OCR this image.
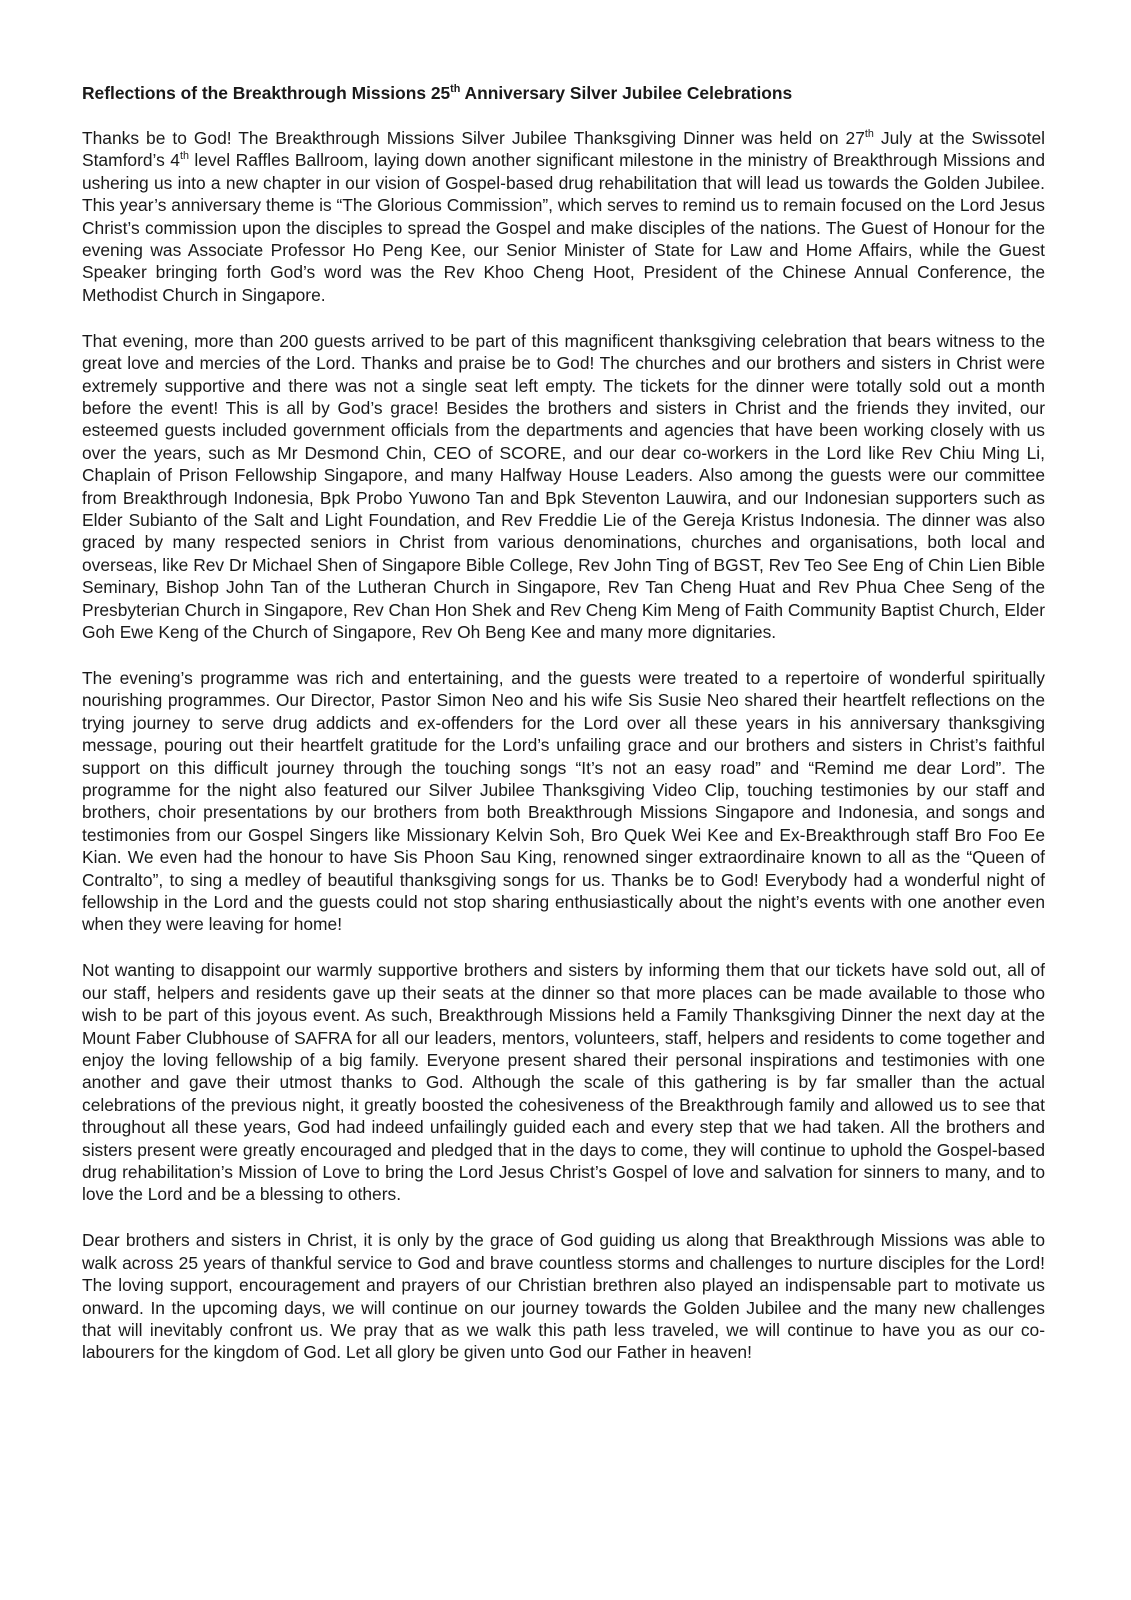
Reflections of the Breakthrough Missions 25th Anniversary Silver Jubilee Celebrations

Thanks be to God! The Breakthrough Missions Silver Jubilee Thanksgiving Dinner was held on 27th July at the Swissotel Stamford’s 4th level Raffles Ballroom, laying down another significant milestone in the ministry of Breakthrough Missions and ushering us into a new chapter in our vision of Gospel-based drug rehabilitation that will lead us towards the Golden Jubilee. This year’s anniversary theme is “The Glorious Commission”, which serves to remind us to remain focused on the Lord Jesus Christ’s commission upon the disciples to spread the Gospel and make disciples of the nations. The Guest of Honour for the evening was Associate Professor Ho Peng Kee, our Senior Minister of State for Law and Home Affairs, while the Guest Speaker bringing forth God’s word was the Rev Khoo Cheng Hoot, President of the Chinese Annual Conference, the Methodist Church in Singapore.

That evening, more than 200 guests arrived to be part of this magnificent thanksgiving celebration that bears witness to the great love and mercies of the Lord. Thanks and praise be to God! The churches and our brothers and sisters in Christ were extremely supportive and there was not a single seat left empty. The tickets for the dinner were totally sold out a month before the event! This is all by God’s grace! Besides the brothers and sisters in Christ and the friends they invited, our esteemed guests included government officials from the departments and agencies that have been working closely with us over the years, such as Mr Desmond Chin, CEO of SCORE, and our dear co-workers in the Lord like Rev Chiu Ming Li, Chaplain of Prison Fellowship Singapore, and many Halfway House Leaders. Also among the guests were our committee from Breakthrough Indonesia, Bpk Probo Yuwono Tan and Bpk Steventon Lauwira, and our Indonesian supporters such as Elder Subianto of the Salt and Light Foundation, and Rev Freddie Lie of the Gereja Kristus Indonesia. The dinner was also graced by many respected seniors in Christ from various denominations, churches and organisations, both local and overseas, like Rev Dr Michael Shen of Singapore Bible College, Rev John Ting of BGST, Rev Teo See Eng of Chin Lien Bible Seminary, Bishop John Tan of the Lutheran Church in Singapore, Rev Tan Cheng Huat and Rev Phua Chee Seng of the Presbyterian Church in Singapore, Rev Chan Hon Shek and Rev Cheng Kim Meng of Faith Community Baptist Church, Elder Goh Ewe Keng of the Church of Singapore, Rev Oh Beng Kee and many more dignitaries.

The evening’s programme was rich and entertaining, and the guests were treated to a repertoire of wonderful spiritually nourishing programmes. Our Director, Pastor Simon Neo and his wife Sis Susie Neo shared their heartfelt reflections on the trying journey to serve drug addicts and ex-offenders for the Lord over all these years in his anniversary thanksgiving message, pouring out their heartfelt gratitude for the Lord’s unfailing grace and our brothers and sisters in Christ’s faithful support on this difficult journey through the touching songs “It’s not an easy road” and “Remind me dear Lord”. The programme for the night also featured our Silver Jubilee Thanksgiving Video Clip, touching testimonies by our staff and brothers, choir presentations by our brothers from both Breakthrough Missions Singapore and Indonesia, and songs and testimonies from our Gospel Singers like Missionary Kelvin Soh, Bro Quek Wei Kee and Ex-Breakthrough staff Bro Foo Ee Kian. We even had the honour to have Sis Phoon Sau King, renowned singer extraordinaire known to all as the “Queen of Contralto”, to sing a medley of beautiful thanksgiving songs for us. Thanks be to God! Everybody had a wonderful night of fellowship in the Lord and the guests could not stop sharing enthusiastically about the night’s events with one another even when they were leaving for home!

Not wanting to disappoint our warmly supportive brothers and sisters by informing them that our tickets have sold out, all of our staff, helpers and residents gave up their seats at the dinner so that more places can be made available to those who wish to be part of this joyous event. As such, Breakthrough Missions held a Family Thanksgiving Dinner the next day at the Mount Faber Clubhouse of SAFRA for all our leaders, mentors, volunteers, staff, helpers and residents to come together and enjoy the loving fellowship of a big family. Everyone present shared their personal inspirations and testimonies with one another and gave their utmost thanks to God. Although the scale of this gathering is by far smaller than the actual celebrations of the previous night, it greatly boosted the cohesiveness of the Breakthrough family and allowed us to see that throughout all these years, God had indeed unfailingly guided each and every step that we had taken. All the brothers and sisters present were greatly encouraged and pledged that in the days to come, they will continue to uphold the Gospel-based drug rehabilitation’s Mission of Love to bring the Lord Jesus Christ’s Gospel of love and salvation for sinners to many, and to love the Lord and be a blessing to others.

Dear brothers and sisters in Christ, it is only by the grace of God guiding us along that Breakthrough Missions was able to walk across 25 years of thankful service to God and brave countless storms and challenges to nurture disciples for the Lord! The loving support, encouragement and prayers of our Christian brethren also played an indispensable part to motivate us onward. In the upcoming days, we will continue on our journey towards the Golden Jubilee and the many new challenges that will inevitably confront us. We pray that as we walk this path less traveled, we will continue to have you as our co-labourers for the kingdom of God. Let all glory be given unto God our Father in heaven!
